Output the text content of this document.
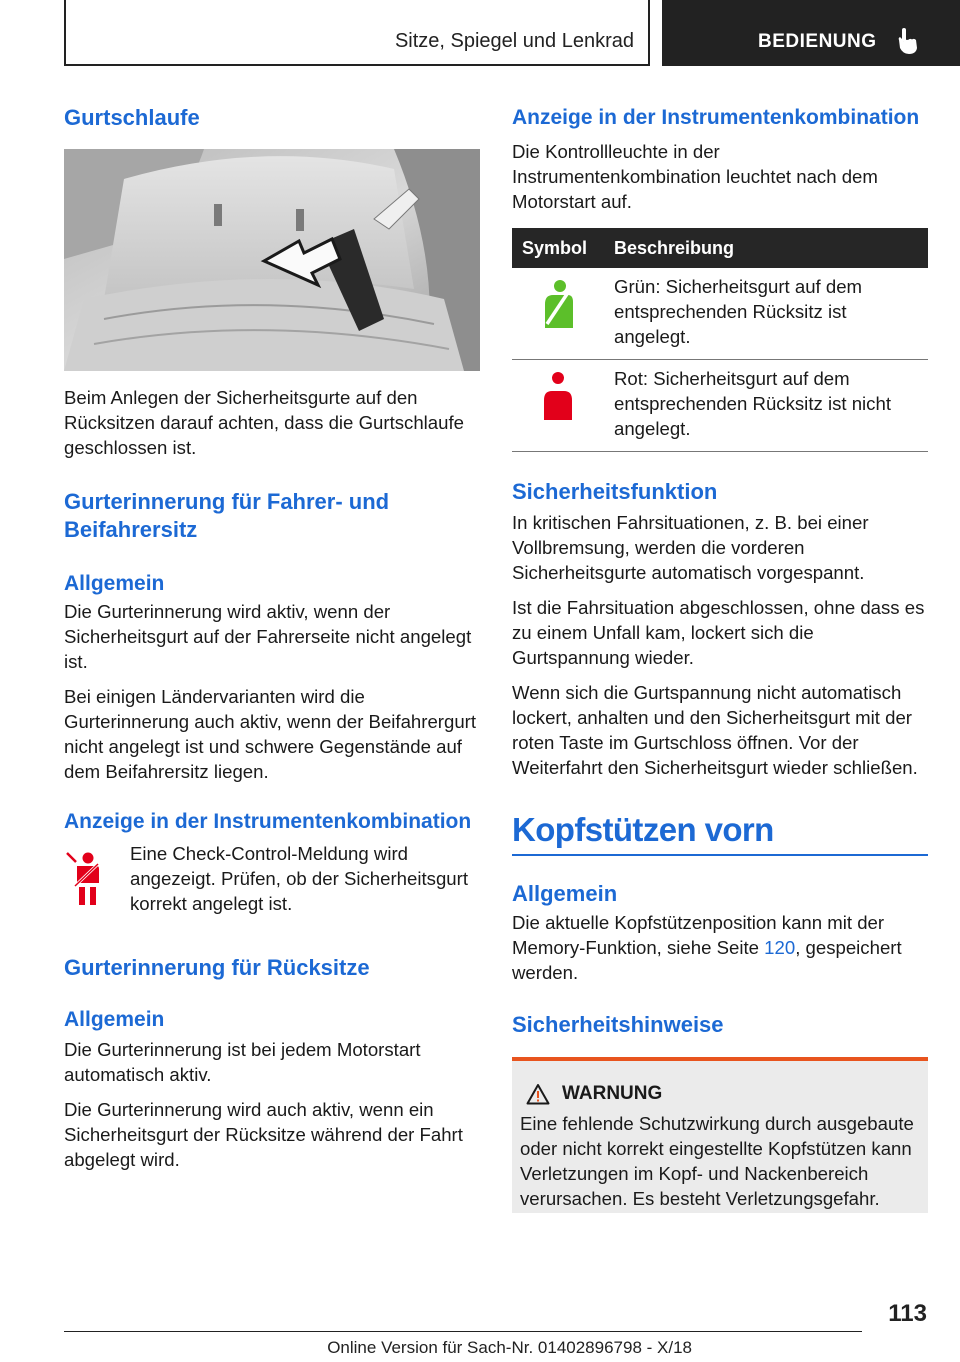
Sitze, Spiegel und Lenkrad	BEDIENUNG
Gurtschlaufe

Beim Anlegen der Sicherheitsgurte auf den Rücksitzen darauf achten, dass die Gurtschlaufe geschlossen ist.

Gurterinnerung für Fahrer- und Beifahrersitz
Allgemein

Die Gurterinnerung wird aktiv, wenn der Sicherheitsgurt auf der Fahrerseite nicht angelegt ist.

Bei einigen Ländervarianten wird die Gurterinnerung auch aktiv, wenn der Beifahrergurt nicht angelegt ist und schwere Gegenstände auf dem Beifahrersitz liegen.

Anzeige in der Instrumentenkombination

Eine Check-Control-Meldung wird angezeigt. Prüfen, ob der Sicherheitsgurt korrekt angelegt ist.

Gurterinnerung für Rücksitze
Allgemein

Die Gurterinnerung ist bei jedem Motorstart automatisch aktiv.

Die Gurterinnerung wird auch aktiv, wenn ein Sicherheitsgurt der Rücksitze während der Fahrt abgelegt wird.

Anzeige in der Instrumentenkombination

Die Kontrollleuchte in der Instrumentenkombination leuchtet nach dem Motorstart auf.

Symbol	Beschreibung
	Grün: Sicherheitsgurt auf dem entsprechenden Rücksitz ist angelegt.
	Rot: Sicherheitsgurt auf dem entsprechenden Rücksitz ist nicht angelegt.
Sicherheitsfunktion

In kritischen Fahrsituationen, z. B. bei einer Vollbremsung, werden die vorderen Sicherheitsgurte automatisch vorgespannt.

Ist die Fahrsituation abgeschlossen, ohne dass es zu einem Unfall kam, lockert sich die Gurtspannung wieder.

Wenn sich die Gurtspannung nicht automatisch lockert, anhalten und den Sicherheitsgurt mit der roten Taste im Gurtschloss öffnen. Vor der Weiterfahrt den Sicherheitsgurt wieder schließen.

Kopfstützen vorn
Allgemein

Die aktuelle Kopfstützenposition kann mit der Memory-Funktion, siehe Seite 120, gespeichert werden.

Sicherheitshinweise
WARNUNG

Eine fehlende Schutzwirkung durch ausgebaute oder nicht korrekt eingestellte Kopfstützen kann Verletzungen im Kopf- und Nackenbereich verursachen. Es besteht Verletzungsgefahr.

113
Online Version für Sach-Nr. 01402896798 - X/18
